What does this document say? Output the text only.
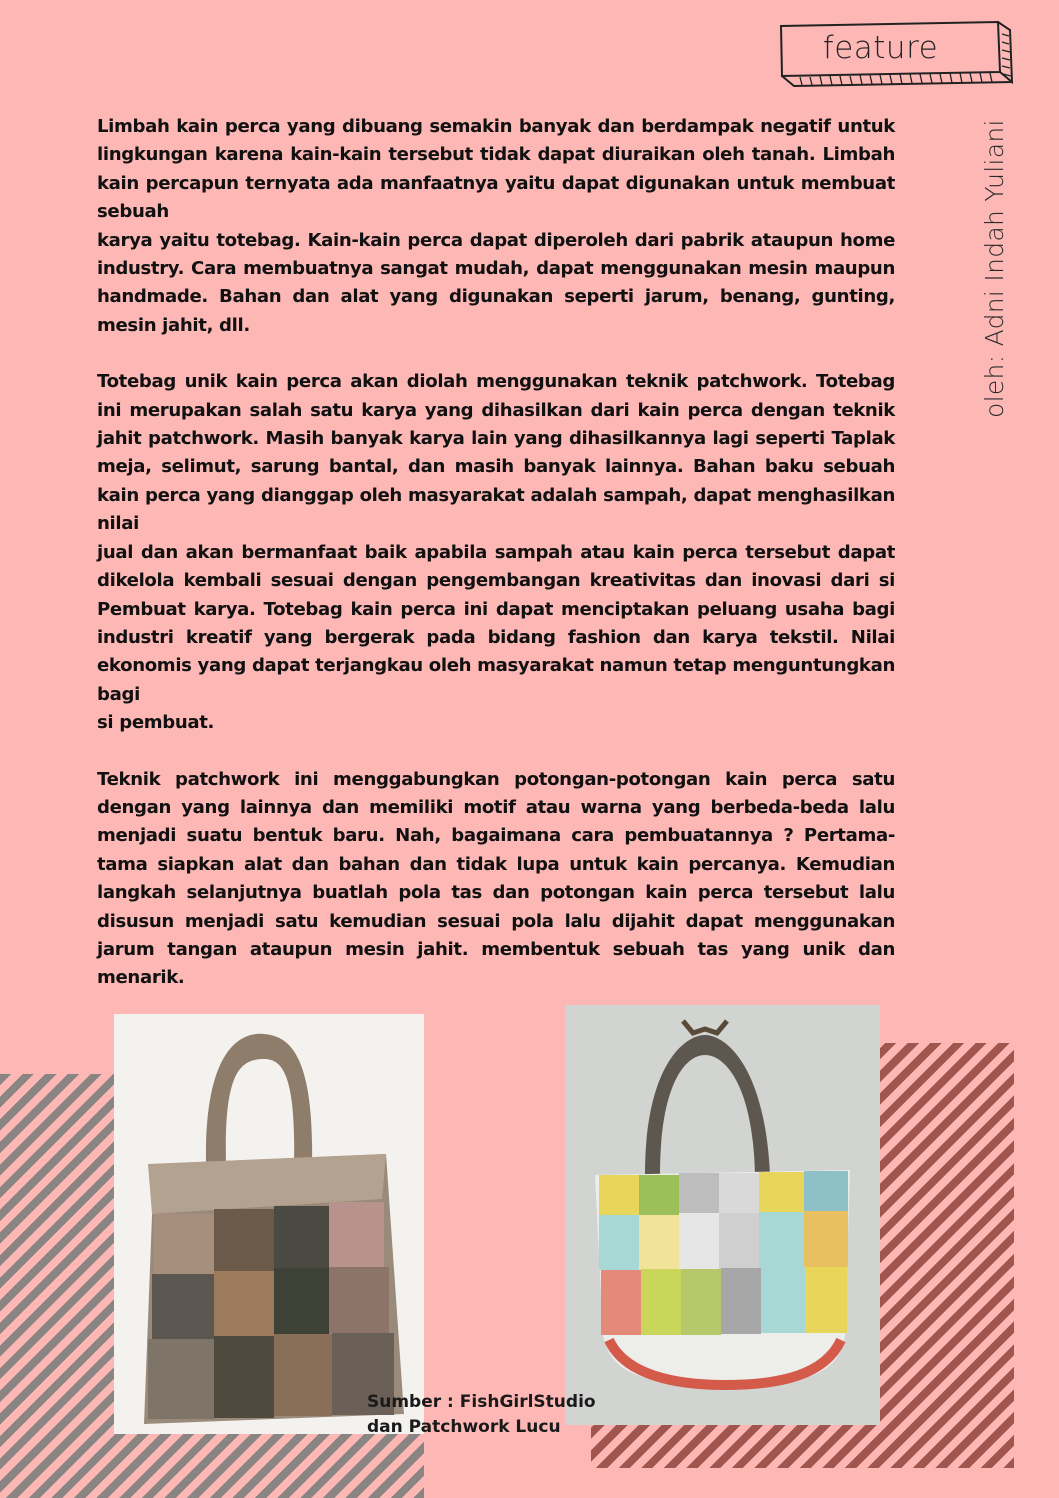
feature
oleh: Adni Indah Yuliani

Limbah kain perca yang dibuang semakin banyak dan berdampak negatif untuk lingkungan karena kain-kain tersebut tidak dapat diuraikan oleh tanah. Limbah kain percapun ternyata ada manfaatnya yaitu dapat digunakan untuk membuat sebuah
karya yaitu totebag. Kain-kain perca dapat diperoleh dari pabrik ataupun home industry. Cara membuatnya sangat mudah, dapat menggunakan mesin maupun handmade. Bahan dan alat yang digunakan seperti jarum, benang, gunting, mesin jahit, dll.

Totebag unik kain perca akan diolah menggunakan teknik patchwork. Totebag ini merupakan salah satu karya yang dihasilkan dari kain perca dengan teknik jahit patchwork. Masih banyak karya lain yang dihasilkannya lagi seperti Taplak meja, selimut, sarung bantal, dan masih banyak lainnya. Bahan baku sebuah kain perca yang dianggap oleh masyarakat adalah sampah, dapat menghasilkan nilai
jual dan akan bermanfaat baik apabila sampah atau kain perca tersebut dapat dikelola kembali sesuai dengan pengembangan kreativitas dan inovasi dari si Pembuat karya. Totebag kain perca ini dapat menciptakan peluang usaha bagi industri kreatif yang bergerak pada bidang fashion dan karya tekstil. Nilai ekonomis yang dapat terjangkau oleh masyarakat namun tetap menguntungkan bagi
si pembuat.

Teknik patchwork ini menggabungkan potongan-potongan kain perca satu dengan yang lainnya dan memiliki motif atau warna yang berbeda-beda lalu menjadi suatu bentuk baru. Nah, bagaimana cara pembuatannya ? Pertama-tama siapkan alat dan bahan dan tidak lupa untuk kain percanya. Kemudian langkah selanjutnya buatlah pola tas dan potongan kain perca tersebut lalu disusun menjadi satu kemudian sesuai pola lalu dijahit dapat menggunakan jarum tangan ataupun mesin jahit. membentuk sebuah tas yang unik dan menarik.

Sumber : FishGirlStudio
dan Patchwork Lucu
